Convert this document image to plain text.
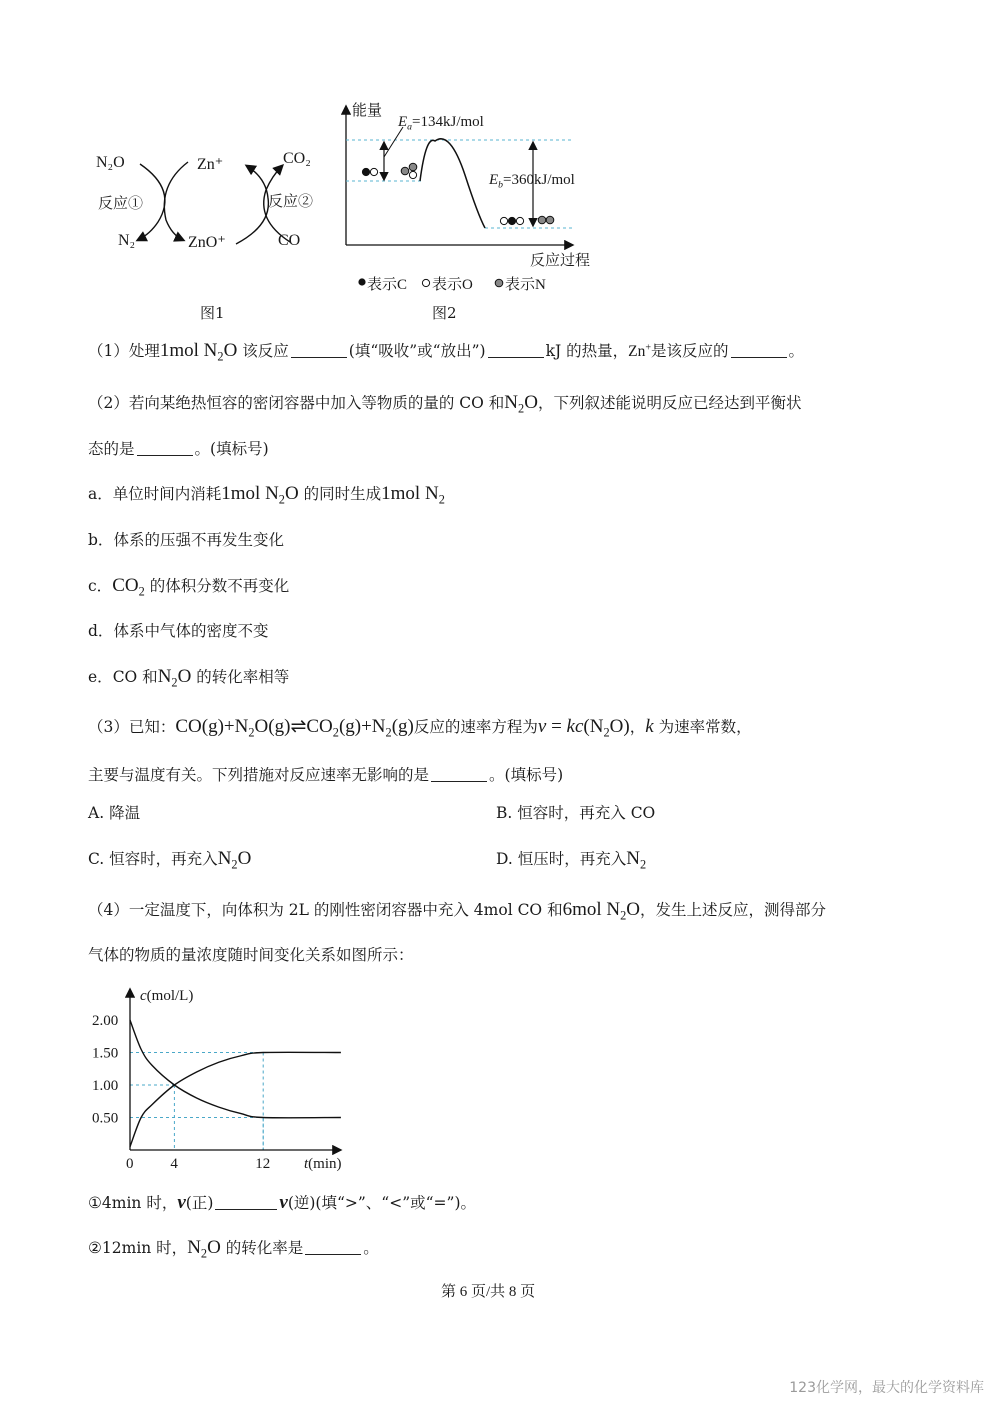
N₂O
反应①
N₂
Zn⁺
ZnO⁺
CO₂
反应②
CO
图1
能量
$E_a=134kJ$/mol
$E_b=360kJ$/mol
反应过程
表示C 表示O 表示N
图2
（1）处理1mol $N_2O$ 该反应	(填“吸收”或“放出”)	kJ 的热量，Zn+是该反应的	。
（2）若向某绝热恒容的密闭容器中加入等物质的量的 CO 和$N_2O$，下列叙述能说明反应已经达到平衡状
态的是	。(填标号)
a．单位时间内消耗1mol $N_2O$ 的同时生成1mol $N_2$
b．体系的压强不再发生变化
c．$CO_2$ 的体积分数不再变化
d．体系中气体的密度不变
e．CO 和$N_2O$ 的转化率相等
（3）已知：$CO(g)+N_2O(g)\rightleftharpoons CO_2(g)+N_2(g)$反应的速率方程为$v = kc(N_2O)$，k 为速率常数，
主要与温度有关。下列措施对反应速率无影响的是	。(填标号)
A. 降温	B. 恒容时，再充入 CO
C. 恒容时，再充入$N_2O$	D. 恒压时，再充入$N_2$
（4）一定温度下，向体积为 2L 的刚性密闭容器中充入 4mol CO 和6mol $N_2O$，发生上述反应，测得部分
气体的物质的量浓度随时间变化关系如图所示：
2.00
1.50
1.00
0.50
0 4	12
c(mol/L)
t(min)
①4min 时，v(正)	v(逆)(填“>”、“<”或“=”)。
②12min 时，$N_2O$ 的转化率是	。
第 6 页/共 8 页
123化学网，最大的化学资料库
